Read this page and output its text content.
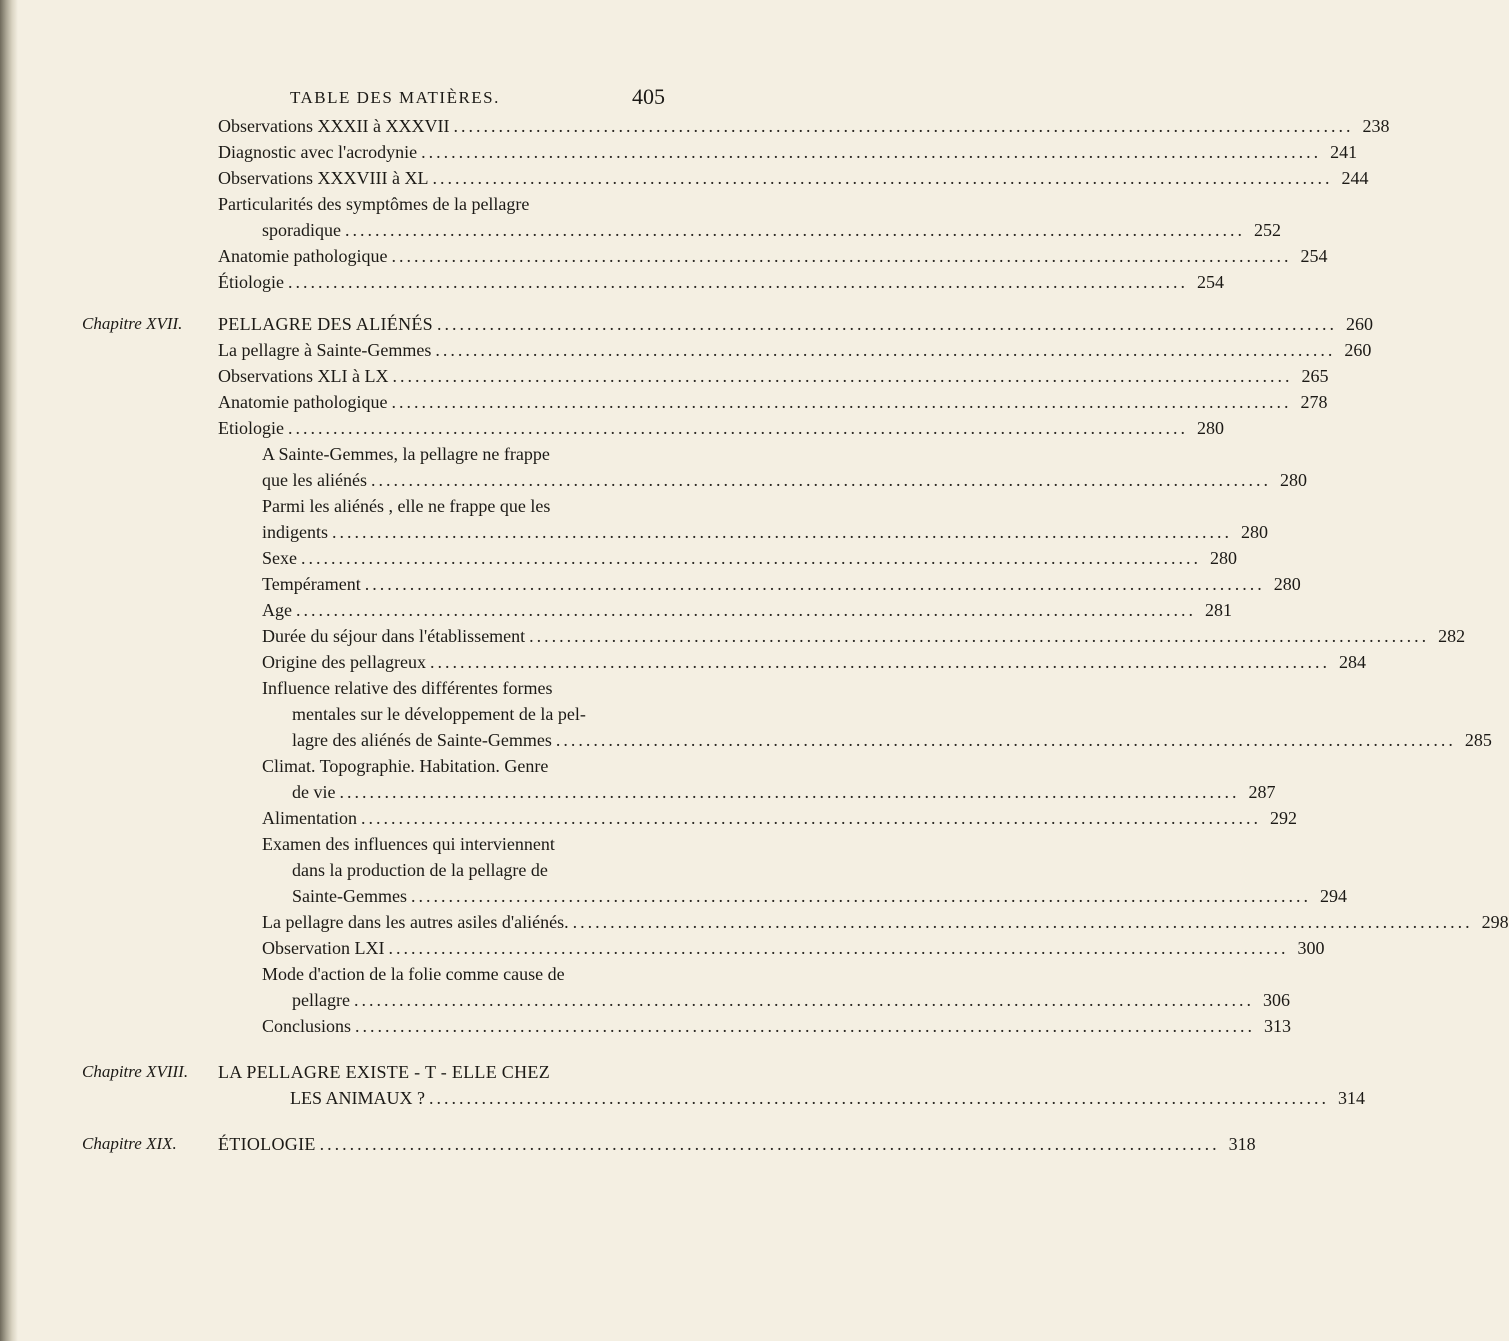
TABLE DES MATIÈRES.	405
Observations XXXII à XXXVII ........................................................................................................................ 238
Diagnostic avec l'acrodynie ........................................................................................................................ 241
Observations XXXVIII à XL ........................................................................................................................ 244
Particularités des symptômes de la pellagre
sporadique ........................................................................................................................ 252
Anatomie pathologique ........................................................................................................................ 254
Étiologie ........................................................................................................................ 254
Chapitre XVII.	PELLAGRE DES ALIÉNÉS ........................................................................................................................ 260
La pellagre à Sainte-Gemmes ........................................................................................................................ 260
Observations XLI à LX ........................................................................................................................ 265
Anatomie pathologique ........................................................................................................................ 278
Etiologie ........................................................................................................................ 280
A Sainte-Gemmes, la pellagre ne frappe
que les aliénés ........................................................................................................................ 280
Parmi les aliénés , elle ne frappe que les
indigents ........................................................................................................................ 280
Sexe ........................................................................................................................ 280
Tempérament ........................................................................................................................ 280
Age ........................................................................................................................ 281
Durée du séjour dans l'établissement ........................................................................................................................ 282
Origine des pellagreux ........................................................................................................................ 284
Influence relative des différentes formes
mentales sur le développement de la pel-
lagre des aliénés de Sainte-Gemmes ........................................................................................................................ 285
Climat. Topographie. Habitation. Genre
de vie ........................................................................................................................ 287
Alimentation ........................................................................................................................ 292
Examen des influences qui interviennent
dans la production de la pellagre de
Sainte-Gemmes ........................................................................................................................ 294
La pellagre dans les autres asiles d'aliénés. ........................................................................................................................ 298
Observation LXI ........................................................................................................................ 300
Mode d'action de la folie comme cause de
pellagre ........................................................................................................................ 306
Conclusions ........................................................................................................................ 313
Chapitre XVIII.	LA PELLAGRE EXISTE - T - ELLE CHEZ
LES ANIMAUX ? ........................................................................................................................ 314
Chapitre XIX.	ÉTIOLOGIE ........................................................................................................................ 318
